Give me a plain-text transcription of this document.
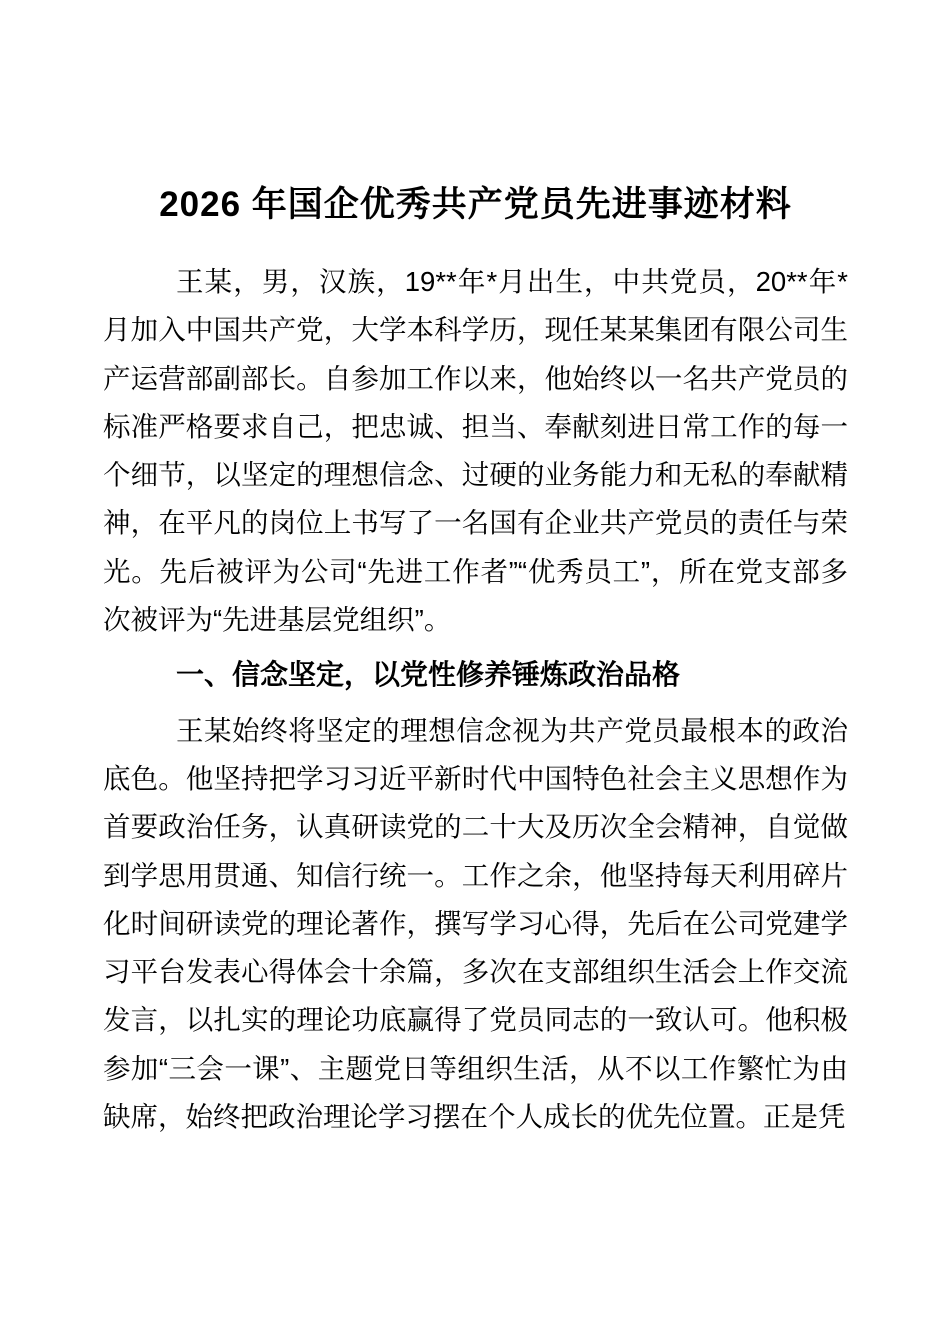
2026 年国企优秀共产党员先进事迹材料

王某，男，汉族，19**年*月出生，中共党员，20**年*月加入中国共产党，大学本科学历，现任某某集团有限公司生产运营部副部长。自参加工作以来，他始终以一名共产党员的标准严格要求自己，把忠诚、担当、奉献刻进日常工作的每一个细节，以坚定的理想信念、过硬的业务能力和无私的奉献精神，在平凡的岗位上书写了一名国有企业共产党员的责任与荣光。先后被评为公司“先进工作者”“优秀员工”，所在党支部多次被评为“先进基层党组织”。

一、信念坚定，以党性修养锤炼政治品格

王某始终将坚定的理想信念视为共产党员最根本的政治底色。他坚持把学习习近平新时代中国特色社会主义思想作为首要政治任务，认真研读党的二十大及历次全会精神，自觉做到学思用贯通、知信行统一。工作之余，他坚持每天利用碎片化时间研读党的理论著作，撰写学习心得，先后在公司党建学习平台发表心得体会十余篇，多次在支部组织生活会上作交流发言，以扎实的理论功底赢得了党员同志的一致认可。他积极参加“三会一课”、主题党日等组织生活，从不以工作繁忙为由缺席，始终把政治理论学习摆在个人成长的优先位置。正是凭
